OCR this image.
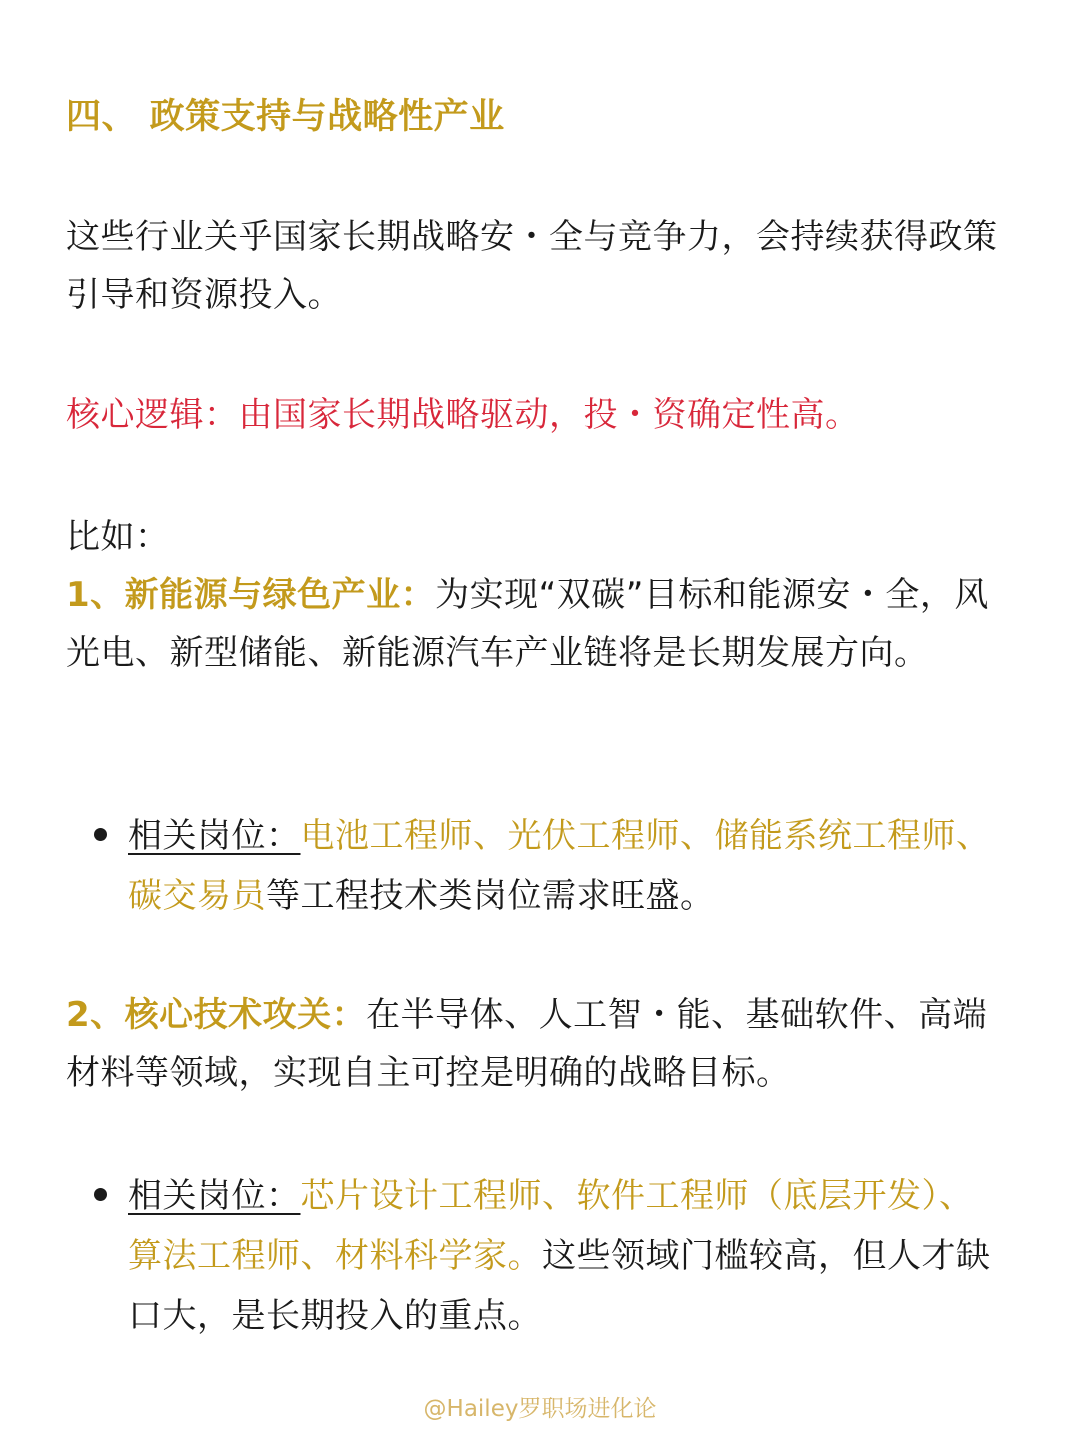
四、 政策支持与战略性产业
这些行业关乎国家长期战略安・全与竞争力，会持续获得政策引导和资源投入。
核心逻辑：由国家长期战略驱动，投・资确定性高。
比如：
1、新能源与绿色产业：为实现“双碳”目标和能源安・全，风光电、新型储能、新能源汽车产业链将是长期发展方向。
相关岗位：电池工程师、光伏工程师、储能系统工程师、碳交易员等工程技术类岗位需求旺盛。
2、核心技术攻关：在半导体、人工智・能、基础软件、高端材料等领域，实现自主可控是明确的战略目标。
相关岗位：芯片设计工程师、软件工程师（底层开发）、算法工程师、材料科学家。这些领域门槛较高，但人才缺口大，是长期投入的重点。
@Hailey罗职场进化论
